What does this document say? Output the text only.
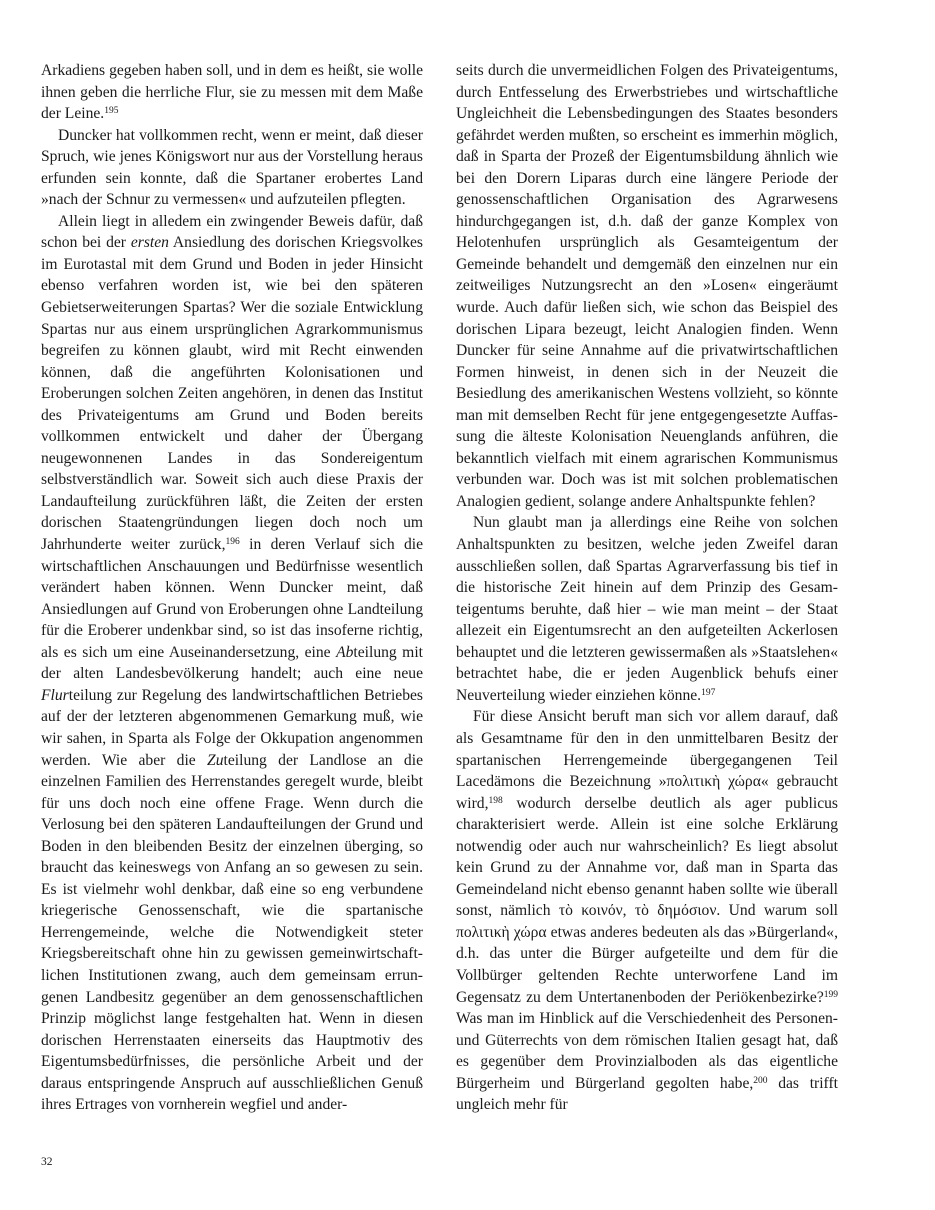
Arkadiens gegeben haben soll, und in dem es heißt, sie wolle ihnen geben die herrliche Flur, sie zu messen mit dem Maße der Leine.$^{195}$

Duncker hat vollkommen recht, wenn er meint, daß dieser Spruch, wie jenes Königswort nur aus der Vorstellung heraus erfunden sein konnte, daß die Spartaner erobertes Land »nach der Schnur zu vermessen« und aufzuteilen pflegten.

Allein liegt in alledem ein zwingender Beweis dafür, daß schon bei der ersten Ansiedlung des dorischen Kriegsvolkes im Eurotastal mit dem Grund und Boden in jeder Hinsicht ebenso verfahren worden ist, wie bei den späteren Gebietserweiterungen Spartas? Wer die soziale Entwicklung Spartas nur aus einem ursprünglichen Agrarkommunismus begreifen zu können glaubt, wird mit Recht einwenden können, daß die angeführten Kolonisationen und Eroberungen solchen Zeiten angehören, in denen das Institut des Privateigentums am Grund und Boden bereits vollkommen entwickelt und daher der Übergang neugewonnenen Landes in das Sondereigentum selbstverständlich war. Soweit sich auch diese Praxis der Landaufteilung zurückführen läßt, die Zeiten der ersten dorischen Staatengründungen liegen doch noch um Jahrhunderte weiter zurück,$^{196}$ in deren Verlauf sich die wirtschaftlichen Anschauungen und Bedürfnisse wesentlich verändert haben können. Wenn Duncker meint, daß Ansiedlungen auf Grund von Eroberungen ohne Landteilung für die Eroberer undenkbar sind, so ist das insoferne richtig, als es sich um eine Auseinandersetzung, eine Abteilung mit der alten Landesbevölkerung handelt; auch eine neue Flurteilung zur Regelung des landwirtschaftlichen Betriebes auf der der letzteren abgenommenen Gemarkung muß, wie wir sahen, in Sparta als Folge der Okkupation angenommen werden. Wie aber die Zuteilung der Landlose an die einzelnen Familien des Herrenstandes geregelt wurde, bleibt für uns doch noch eine offene Frage. Wenn durch die Verlosung bei den späteren Landaufteilungen der Grund und Boden in den bleibenden Besitz der einzelnen überging, so braucht das keineswegs von Anfang an so gewesen zu sein. Es ist vielmehr wohl denkbar, daß eine so eng verbundene kriegerische Genossenschaft, wie die spartanische Herrengemeinde, welche die Notwendigkeit steter Kriegsbereitschaft ohne hin zu gewissen gemeinwirtschaftlichen Institutionen zwang, auch dem gemeinsam errungenen Landbesitz gegenüber an dem genossenschaftlichen Prinzip möglichst lange festgehalten hat. Wenn in diesen dorischen Herrenstaaten einerseits das Hauptmotiv des Eigentumsbedürfnisses, die persönliche Arbeit und der daraus entspringende Anspruch auf ausschließlichen Genuß ihres Ertrages von vornherein wegfiel und ander-

seits durch die unvermeidlichen Folgen des Privateigentums, durch Entfesselung des Erwerbstriebes und wirtschaftliche Ungleichheit die Lebensbedingungen des Staates besonders gefährdet werden mußten, so erscheint es immerhin möglich, daß in Sparta der Prozeß der Eigentumsbildung ähnlich wie bei den Dorern Liparas durch eine längere Periode der genossenschaftlichen Organisation des Agrarwesens hindurchgegangen ist, d.h. daß der ganze Komplex von Helotenhufen ursprünglich als Gesamteigentum der Gemeinde behandelt und demgemäß den einzelnen nur ein zeitweiliges Nutzungsrecht an den »Losen« eingeräumt wurde. Auch dafür ließen sich, wie schon das Beispiel des dorischen Lipara bezeugt, leicht Analogien finden. Wenn Duncker für seine Annahme auf die privatwirtschaftlichen Formen hinweist, in denen sich in der Neuzeit die Besiedlung des amerikanischen Westens vollzieht, so könnte man mit demselben Recht für jene entgegengesetzte Auffassung die älteste Kolonisation Neuenglands anführen, die bekanntlich vielfach mit einem agrarischen Kommunismus verbunden war. Doch was ist mit solchen problematischen Analogien gedient, solange andere Anhaltspunkte fehlen?

Nun glaubt man ja allerdings eine Reihe von solchen Anhaltspunkten zu besitzen, welche jeden Zweifel daran ausschließen sollen, daß Spartas Agrarverfassung bis tief in die historische Zeit hinein auf dem Prinzip des Gesamteigentums beruhte, daß hier – wie man meint – der Staat allezeit ein Eigentumsrecht an den aufgeteilten Ackerlosen behauptet und die letzteren gewissermaßen als »Staatslehen« betrachtet habe, die er jeden Augenblick behufs einer Neuverteilung wieder einziehen könne.$^{197}$

Für diese Ansicht beruft man sich vor allem darauf, daß als Gesamtname für den in den unmittelbaren Besitz der spartanischen Herrengemeinde übergegangenen Teil Lacedämons die Bezeichnung »πολιτικὴ χώρα« gebraucht wird,$^{198}$ wodurch derselbe deutlich als ager publicus charakterisiert werde. Allein ist eine solche Erklärung notwendig oder auch nur wahrscheinlich? Es liegt absolut kein Grund zu der Annahme vor, daß man in Sparta das Gemeindeland nicht ebenso genannt haben sollte wie überall sonst, nämlich τὸ κοινόν, τὸ δημόσιον. Und warum soll πολιτικὴ χώρα etwas anderes bedeuten als das »Bürgerland«, d.h. das unter die Bürger aufgeteilte und dem für die Vollbürger geltenden Rechte unterworfene Land im Gegensatz zu dem Untertanenboden der Periökenbezirke?$^{199}$ Was man im Hinblick auf die Verschiedenheit des Personen- und Güterrechts von dem römischen Italien gesagt hat, daß es gegenüber dem Provinzialboden als das eigentliche Bürgerheim und Bürgerland gegolten habe,$^{200}$ das trifft ungleich mehr für

32
